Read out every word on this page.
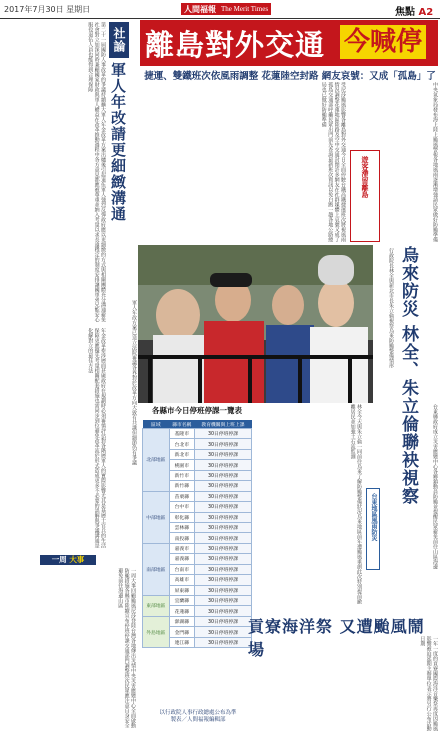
2017年7月30日 星期日	人間福報 The Merit Times	焦點 A2
第二十一屆國防人事改革的爭議持續擴大軍人年金改革方案出爐後引起退伍軍人強烈反彈政府應以更細緻的方式與相關團體充分溝通避免社會對立加深同時兼顧國家財政與軍人權益在改革推動過程中各方意見都應被尊重並納入考量以求長遠穩定的制度安排讓國軍弟兄能安心服役退伍人員也能得到合理保障
年金改革牽涉層面甚廣政府在規劃時必須審慎評估對各階層軍人的實際影響尤其是基層士官兵的生活保障更應優先考量相關配套措施也需同步到位避免改革流於形式造成更多不必要的誤解與爭議溝通是化解對立的最佳方法
社論
軍人年改請更細緻溝通
軍人年改方案已送立法院審議各界對於改革方向大致有共識但細節仍有爭議
一周 大事
一周大事回顧颱風尼莎登陸台灣各地傳出災情中央災害應變中心全面啟動防颱措施各縣市陸續宣布停班停課交通部門調整班次民眾應注意自身安全避免前往海邊山區
離島對外交通 今喊停
捷運、雙鐵班次依風雨調整 花蓮陸空封路 網友哀號：又成「孤島」了
受尼莎颱風影響各離島對外交通今日全面停駛台鐵高鐵捷運班次將視風雨情況調整花蓮地區陸路及空中交通封閉許多網友在社群媒體上哀號又成了孤島交通部呼籲民眾出門前先查詢最新班次資訊以免白跑一趟各地公路總局也已做好防颱準備
遊客滯留離島	中央氣象局發布海上陸上颱風警報各地風雨逐漸增強請民眾做好防颱準備
行政院長林全與新北市長朱立倫視察烏來防颱整備情形 烏來防災 林全、朱立倫聯袂視察
各縣市今日停班停課一覽表
區域	縣市名稱	教育機關與上班上課
北部地區	基隆市	30日停班停課
	台北市	30日停班停課
	新北市	30日停班停課
	桃園市	30日停班停課
	新竹市	30日停班停課
	新竹縣	30日停班停課
中部地區	苗栗縣	30日停班停課
	台中市	30日停班停課
	彰化縣	30日停班停課
	雲林縣	30日停班停課
	南投縣	30日停班停課
南部地區	嘉義市	30日停班停課
	嘉義縣	30日停班停課
	台南市	30日停班停課
	高雄市	30日停班停課
	屏東縣	30日停班停課
東部地區	宜蘭縣	30日停班停課
	花蓮縣	30日停班停課
外島地區	澎湖縣	30日停班停課
	金門縣	30日停班停課
	連江縣	30日停班停課
以行政院人事行政總處公布為準
製表／人間福報編輯部
林全今天與朱立倫一同前往烏來了解防颱整備狀況烏來地區前年遭颱風重創此次特別提前撤離居民並加強土石流監測
台東地區風雨防災	台東縣政府成立災害應變中心各鄉鎮動員防颱並提醒民眾避免前往山區海邊
貢寮海洋祭 又遭颱風鬧場	一年一度的貢寮國際海洋音樂祭再度因颱風影響被迫延期主辦單位表示將另行公布活動日期
